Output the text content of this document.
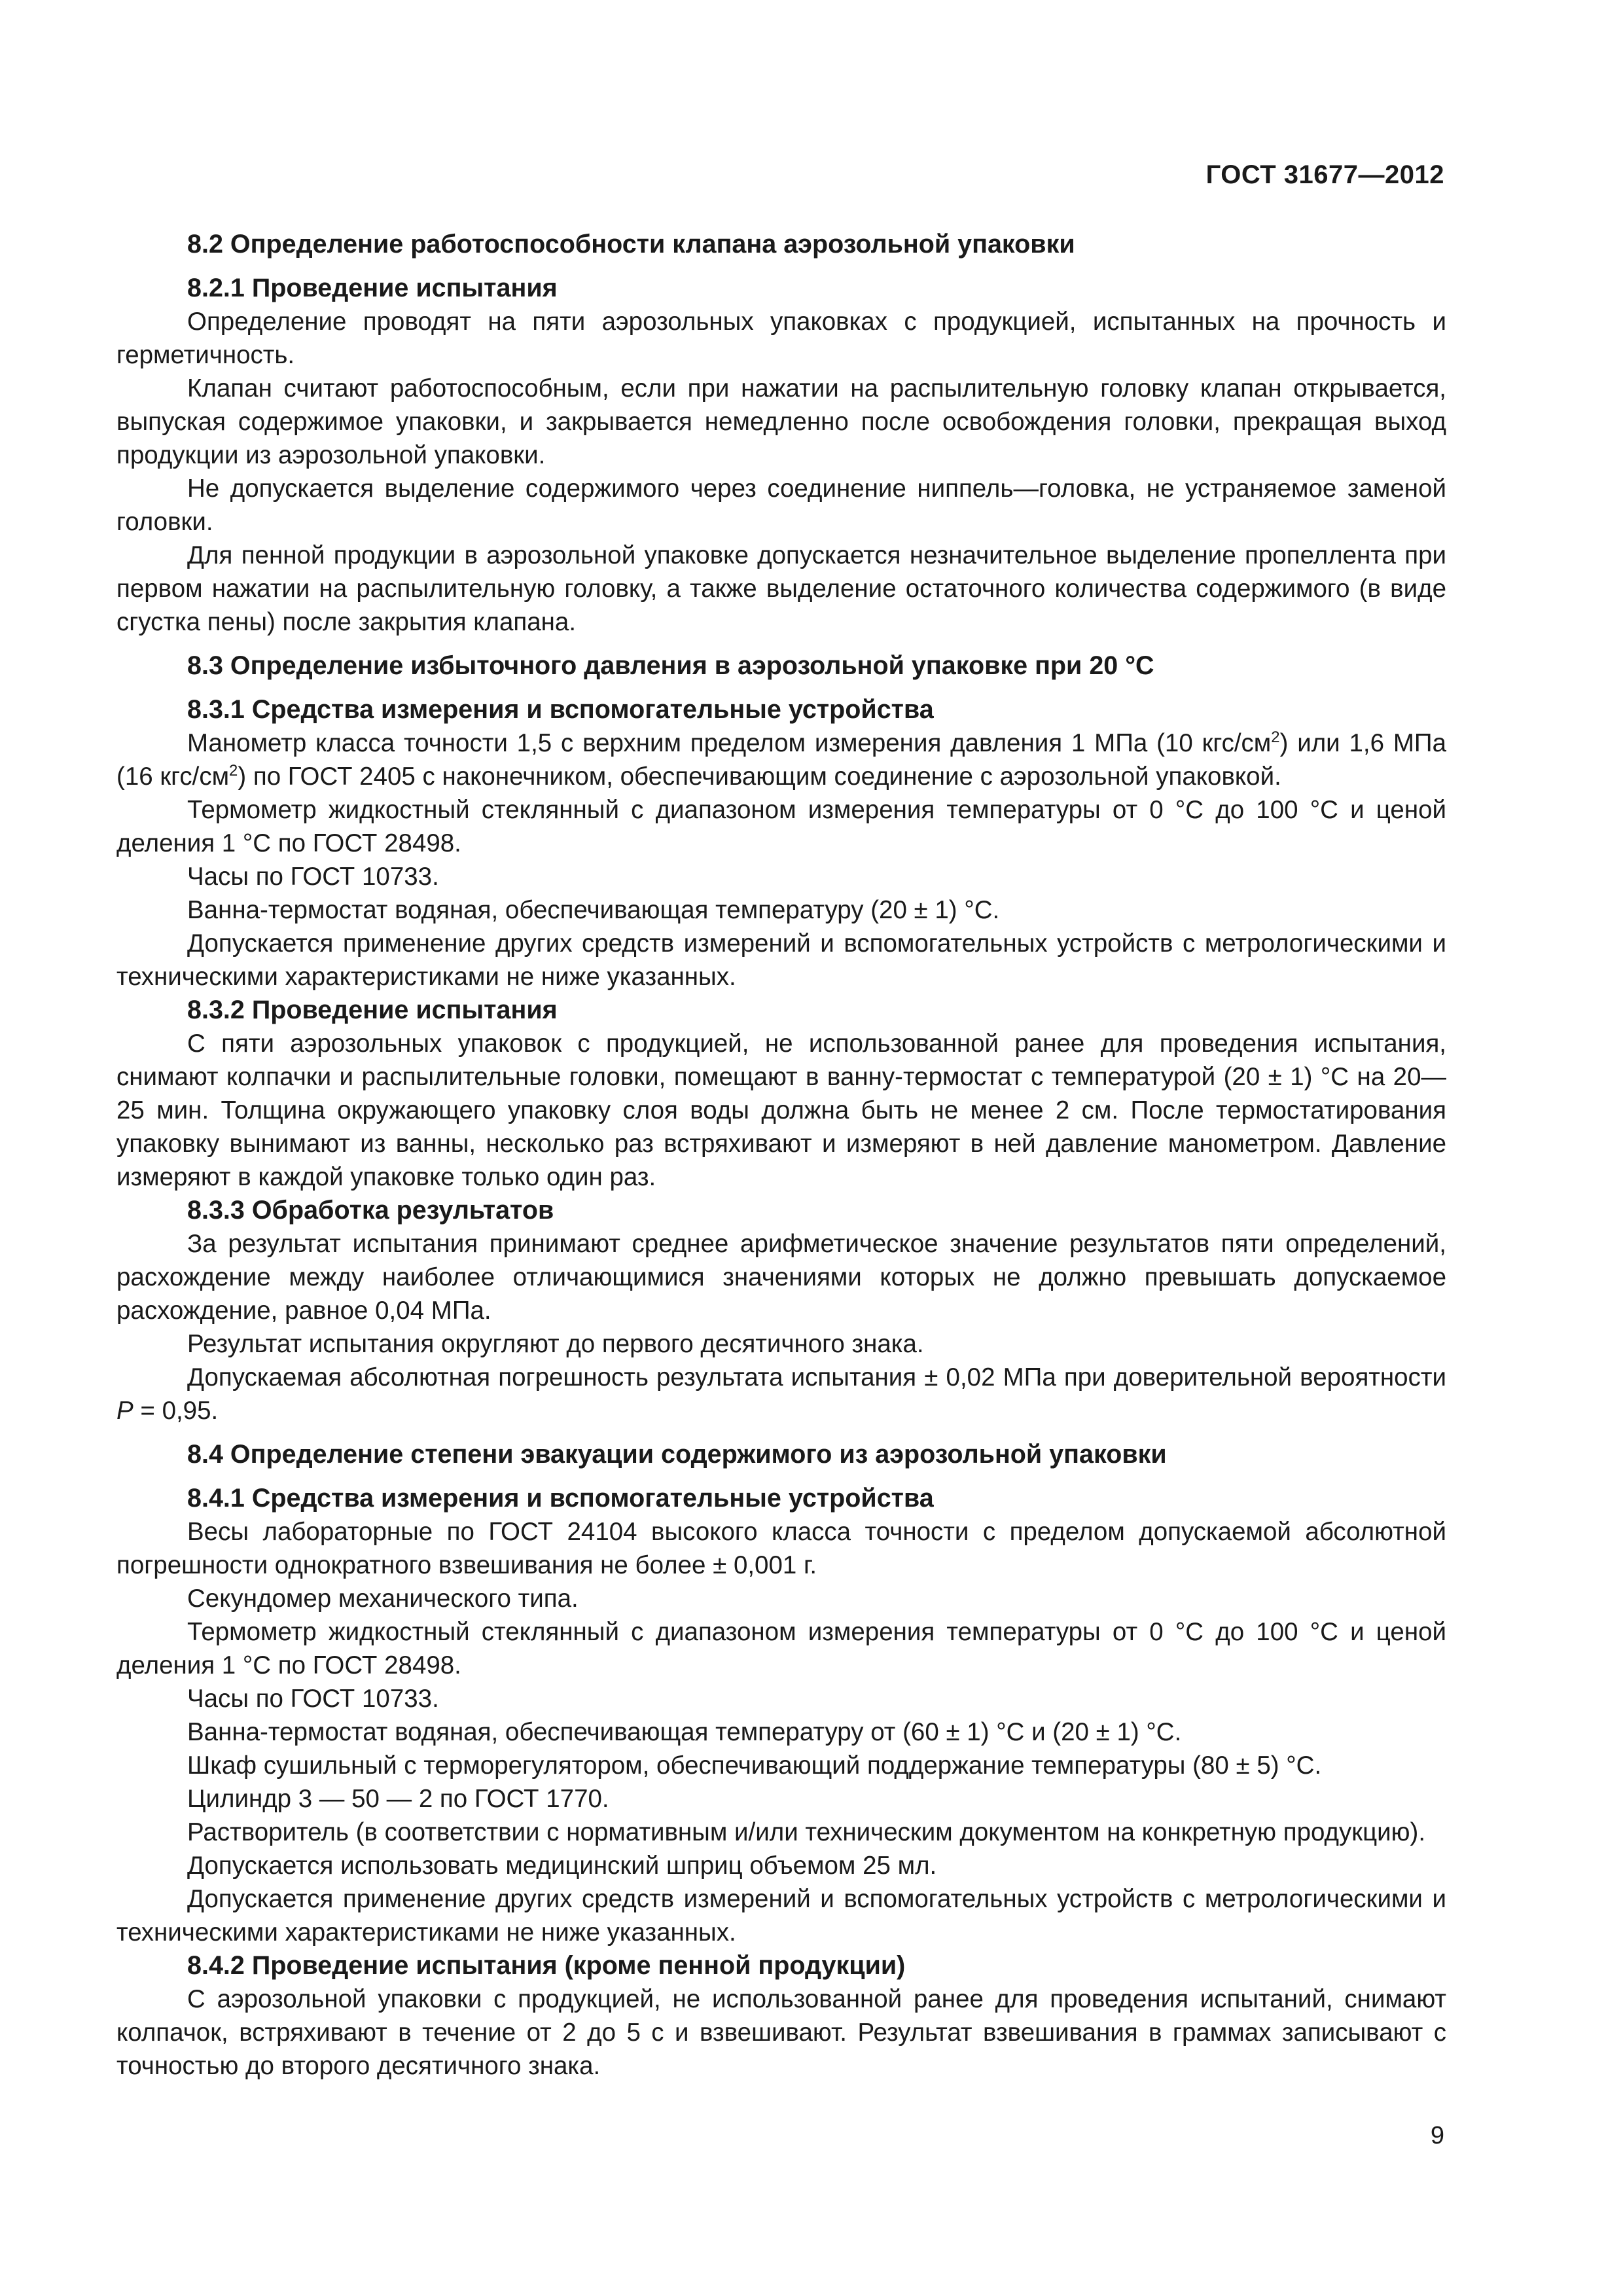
ГОСТ 31677—2012
8.2 Определение работоспособности клапана аэрозольной упаковки
8.2.1 Проведение испытания

Определение проводят на пяти аэрозольных упаковках с продукцией, испытанных на прочность и герметичность.

Клапан считают работоспособным, если при нажатии на распылительную головку клапан открывается, выпуская содержимое упаковки, и закрывается немедленно после освобождения головки, прекращая выход продукции из аэрозольной упаковки.

Не допускается выделение содержимого через соединение ниппель—головка, не устраняемое заменой головки.

Для пенной продукции в аэрозольной упаковке допускается незначительное выделение пропеллента при первом нажатии на распылительную головку, а также выделение остаточного количества содержимого (в виде сгустка пены) после закрытия клапана.

8.3 Определение избыточного давления в аэрозольной упаковке при 20 °С
8.3.1 Средства измерения и вспомогательные устройства

Манометр класса точности 1,5 с верхним пределом измерения давления 1 МПа (10 кгс/$см^2$) или 1,6 МПа (16 кгс/$см^2$) по ГОСТ 2405 с наконечником, обеспечивающим соединение с аэрозольной упаковкой.

Термометр жидкостный стеклянный с диапазоном измерения температуры от 0 °С до 100 °С и ценой деления 1 °С по ГОСТ 28498.

Часы по ГОСТ 10733.

Ванна-термостат водяная, обеспечивающая температуру (20 ± 1) °С.

Допускается применение других средств измерений и вспомогательных устройств с метрологическими и техническими характеристиками не ниже указанных.

8.3.2 Проведение испытания

С пяти аэрозольных упаковок с продукцией, не использованной ранее для проведения испытания, снимают колпачки и распылительные головки, помещают в ванну-термостат с температурой (20 ± 1) °С на 20—25 мин. Толщина окружающего упаковку слоя воды должна быть не менее 2 см. После термостатирования упаковку вынимают из ванны, несколько раз встряхивают и измеряют в ней давление манометром. Давление измеряют в каждой упаковке только один раз.

8.3.3 Обработка результатов

За результат испытания принимают среднее арифметическое значение результатов пяти определений, расхождение между наиболее отличающимися значениями которых не должно превышать допускаемое расхождение, равное 0,04 МПа.

Результат испытания округляют до первого десятичного знака.

Допускаемая абсолютная погрешность результата испытания ± 0,02 МПа при доверительной вероятности Р = 0,95.

8.4 Определение степени эвакуации содержимого из аэрозольной упаковки
8.4.1 Средства измерения и вспомогательные устройства

Весы лабораторные по ГОСТ 24104 высокого класса точности с пределом допускаемой абсолютной погрешности однократного взвешивания не более ± 0,001 г.

Секундомер механического типа.

Термометр жидкостный стеклянный с диапазоном измерения температуры от 0 °С до 100 °С и ценой деления 1 °С по ГОСТ 28498.

Часы по ГОСТ 10733.

Ванна-термостат водяная, обеспечивающая температуру от (60 ± 1) °С и (20 ± 1) °С.

Шкаф сушильный с терморегулятором, обеспечивающий поддержание температуры (80 ± 5) °С.

Цилиндр 3 — 50 — 2 по ГОСТ 1770.

Растворитель (в соответствии с нормативным и/или техническим документом на конкретную продукцию).

Допускается использовать медицинский шприц объемом 25 мл.

Допускается применение других средств измерений и вспомогательных устройств с метрологическими и техническими характеристиками не ниже указанных.

8.4.2 Проведение испытания (кроме пенной продукции)

С аэрозольной упаковки с продукцией, не использованной ранее для проведения испытаний, снимают колпачок, встряхивают в течение от 2 до 5 с и взвешивают. Результат взвешивания в граммах записывают с точностью до второго десятичного знака.

9
